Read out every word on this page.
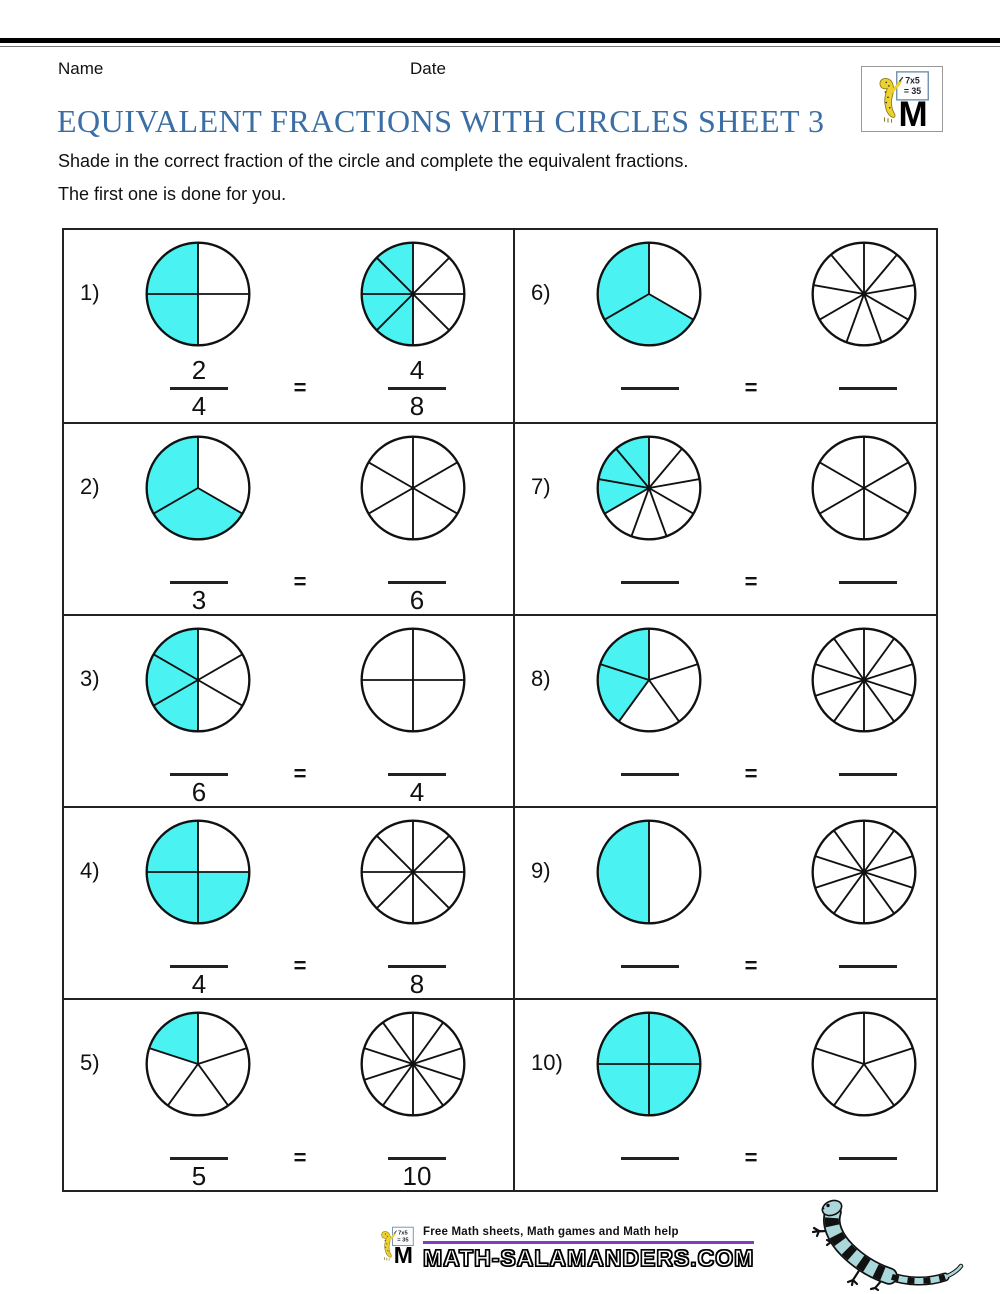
Name	Date
7x5
= 35
M
EQUIVALENT FRACTIONS WITH CIRCLES SHEET 3
Shade in the correct fraction of the circle and complete the equivalent fractions.
The first one is done for you.
1)
2
4
=
4
8
6)
=
2)
3
=
6
7)
=
3)
6
=
4
8)
=
4)
4
=
8
9)
=
5)
5
=
10
10)
=
7x5
= 35
M
Free Math sheets, Math games and Math help
MATH-SALAMANDERS.COM
